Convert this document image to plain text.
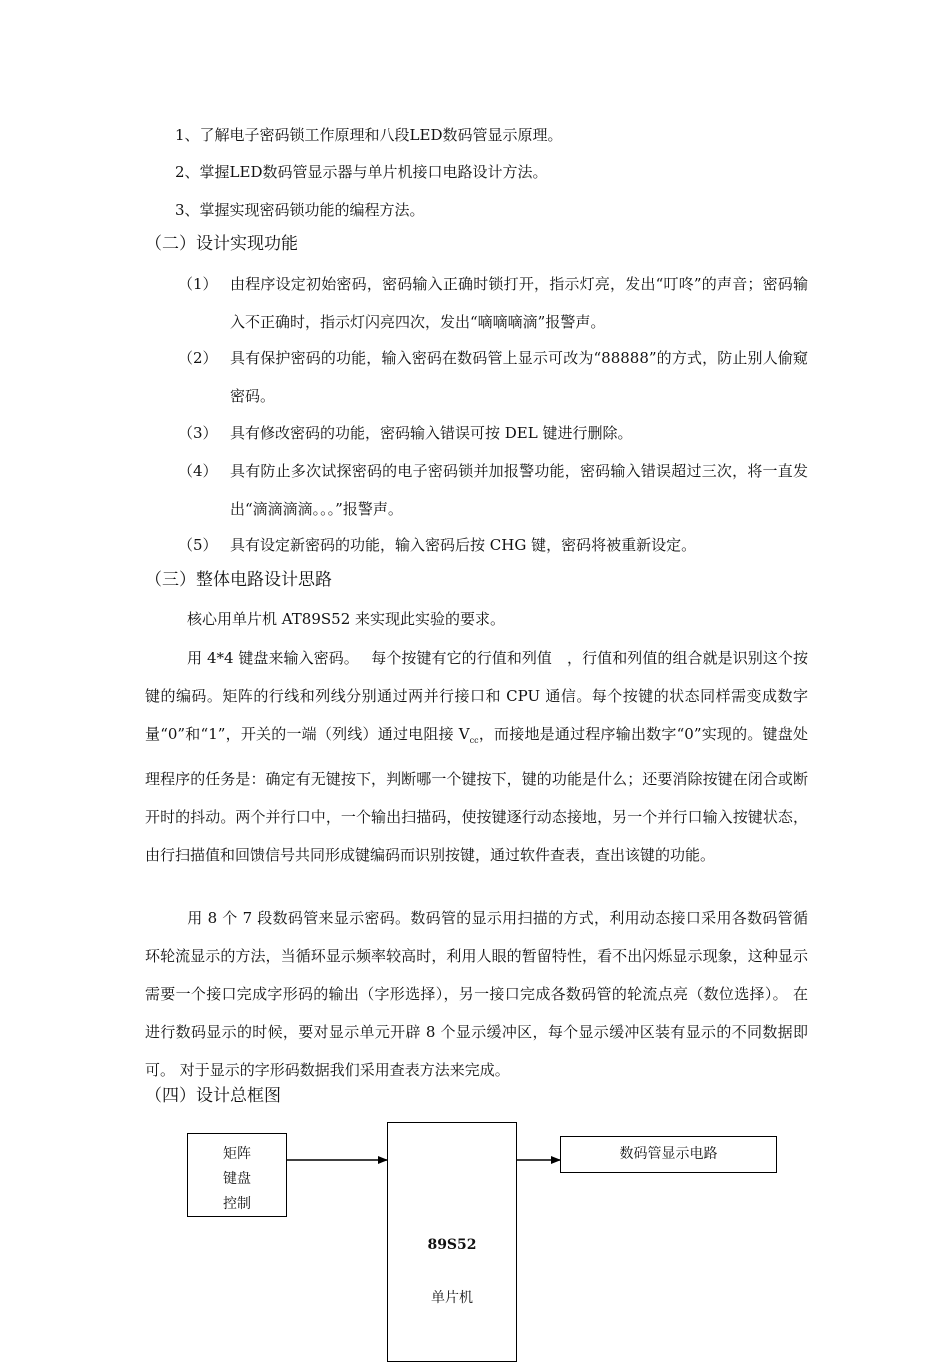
1、了解电子密码锁工作原理和八段LED数码管显示原理。
2、掌握LED数码管显示器与单片机接口电路设计方法。
3、掌握实现密码锁功能的编程方法。
（二）设计实现功能
（1） 由程序设定初始密码，密码输入正确时锁打开，指示灯亮，发出“叮咚”的声音；密码输入不正确时，指示灯闪亮四次，发出“嘀嘀嘀滴”报警声。
（2） 具有保护密码的功能，输入密码在数码管上显示可改为“88888”的方式，防止别人偷窥密码。
（3） 具有修改密码的功能，密码输入错误可按 DEL 键进行删除。
（4） 具有防止多次试探密码的电子密码锁并加报警功能，密码输入错误超过三次，将一直发出“滴滴滴滴。。。”报警声。
（5） 具有设定新密码的功能，输入密码后按 CHG 键，密码将被重新设定。
（三）整体电路设计思路
核心用单片机 AT89S52 来实现此实验的要求。
用 4*4 键盘来输入密码。　 每个按键有它的行值和列值　，行值和列值的组合就是识别这个按键的编码。矩阵的行线和列线分别通过两并行接口和 CPU 通信。每个按键的状态同样需变成数字量“0”和“1”，开关的一端（列线）通过电阻接 $V_{cc}$，而接地是通过程序输出数字“0”实现的。键盘处理程序的任务是：确定有无键按下，判断哪一个键按下，键的功能是什么；还要消除按键在闭合或断开时的抖动。两个并行口中，一个输出扫描码，使按键逐行动态接地，另一个并行口输入按键状态，由行扫描值和回馈信号共同形成键编码而识别按键，通过软件查表，查出该键的功能。
用 8 个 7 段数码管来显示密码。数码管的显示用扫描的方式，利用动态接口采用各数码管循环轮流显示的方法，当循环显示频率较高时，利用人眼的暂留特性，看不出闪烁显示现象，这种显示需要一个接口完成字形码的输出（字形选择），另一接口完成各数码管的轮流点亮（数位选择）。 在进行数码显示的时候，要对显示单元开辟 8 个显示缓冲区，每个显示缓冲区装有显示的不同数据即可。 对于显示的字形码数据我们采用查表方法来完成。
（四）设计总框图
矩阵
键盘
控制
89S52
单片机
数码管显示电路
